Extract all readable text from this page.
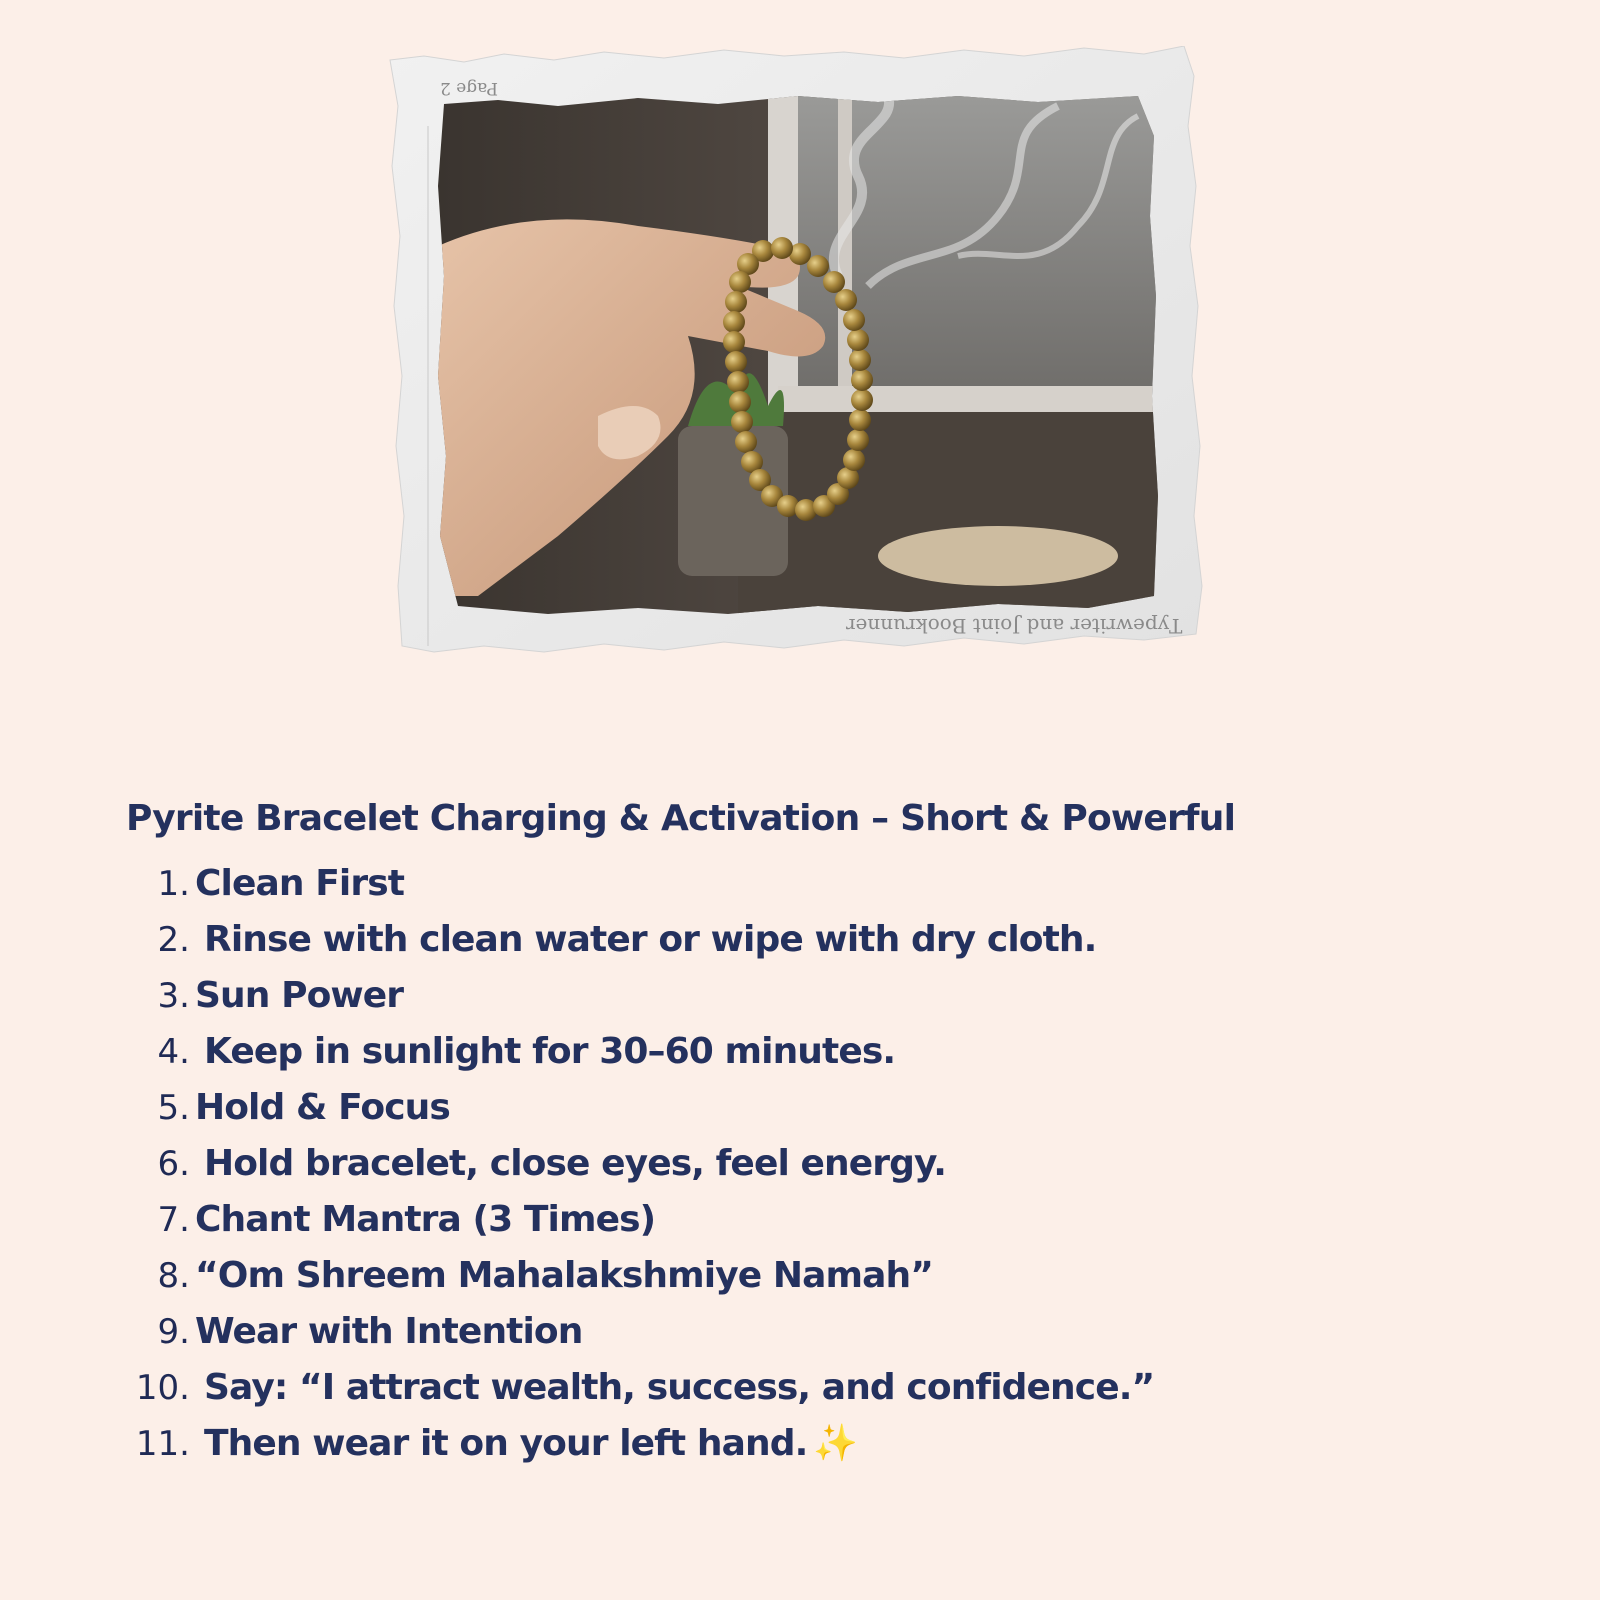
Page 2
Typewriter and Joint Bookrunner
Pyrite Bracelet Charging & Activation – Short & Powerful
1. Clean First
2. Rinse with clean water or wipe with dry cloth.
3. Sun Power
4. Keep in sunlight for 30–60 minutes.
5. Hold & Focus
6. Hold bracelet, close eyes, feel energy.
7. Chant Mantra (3 Times)
8. “Om Shreem Mahalakshmiye Namah”
9. Wear with Intention
10. Say: “I attract wealth, success, and confidence.”
11. Then wear it on your left hand. ✨
